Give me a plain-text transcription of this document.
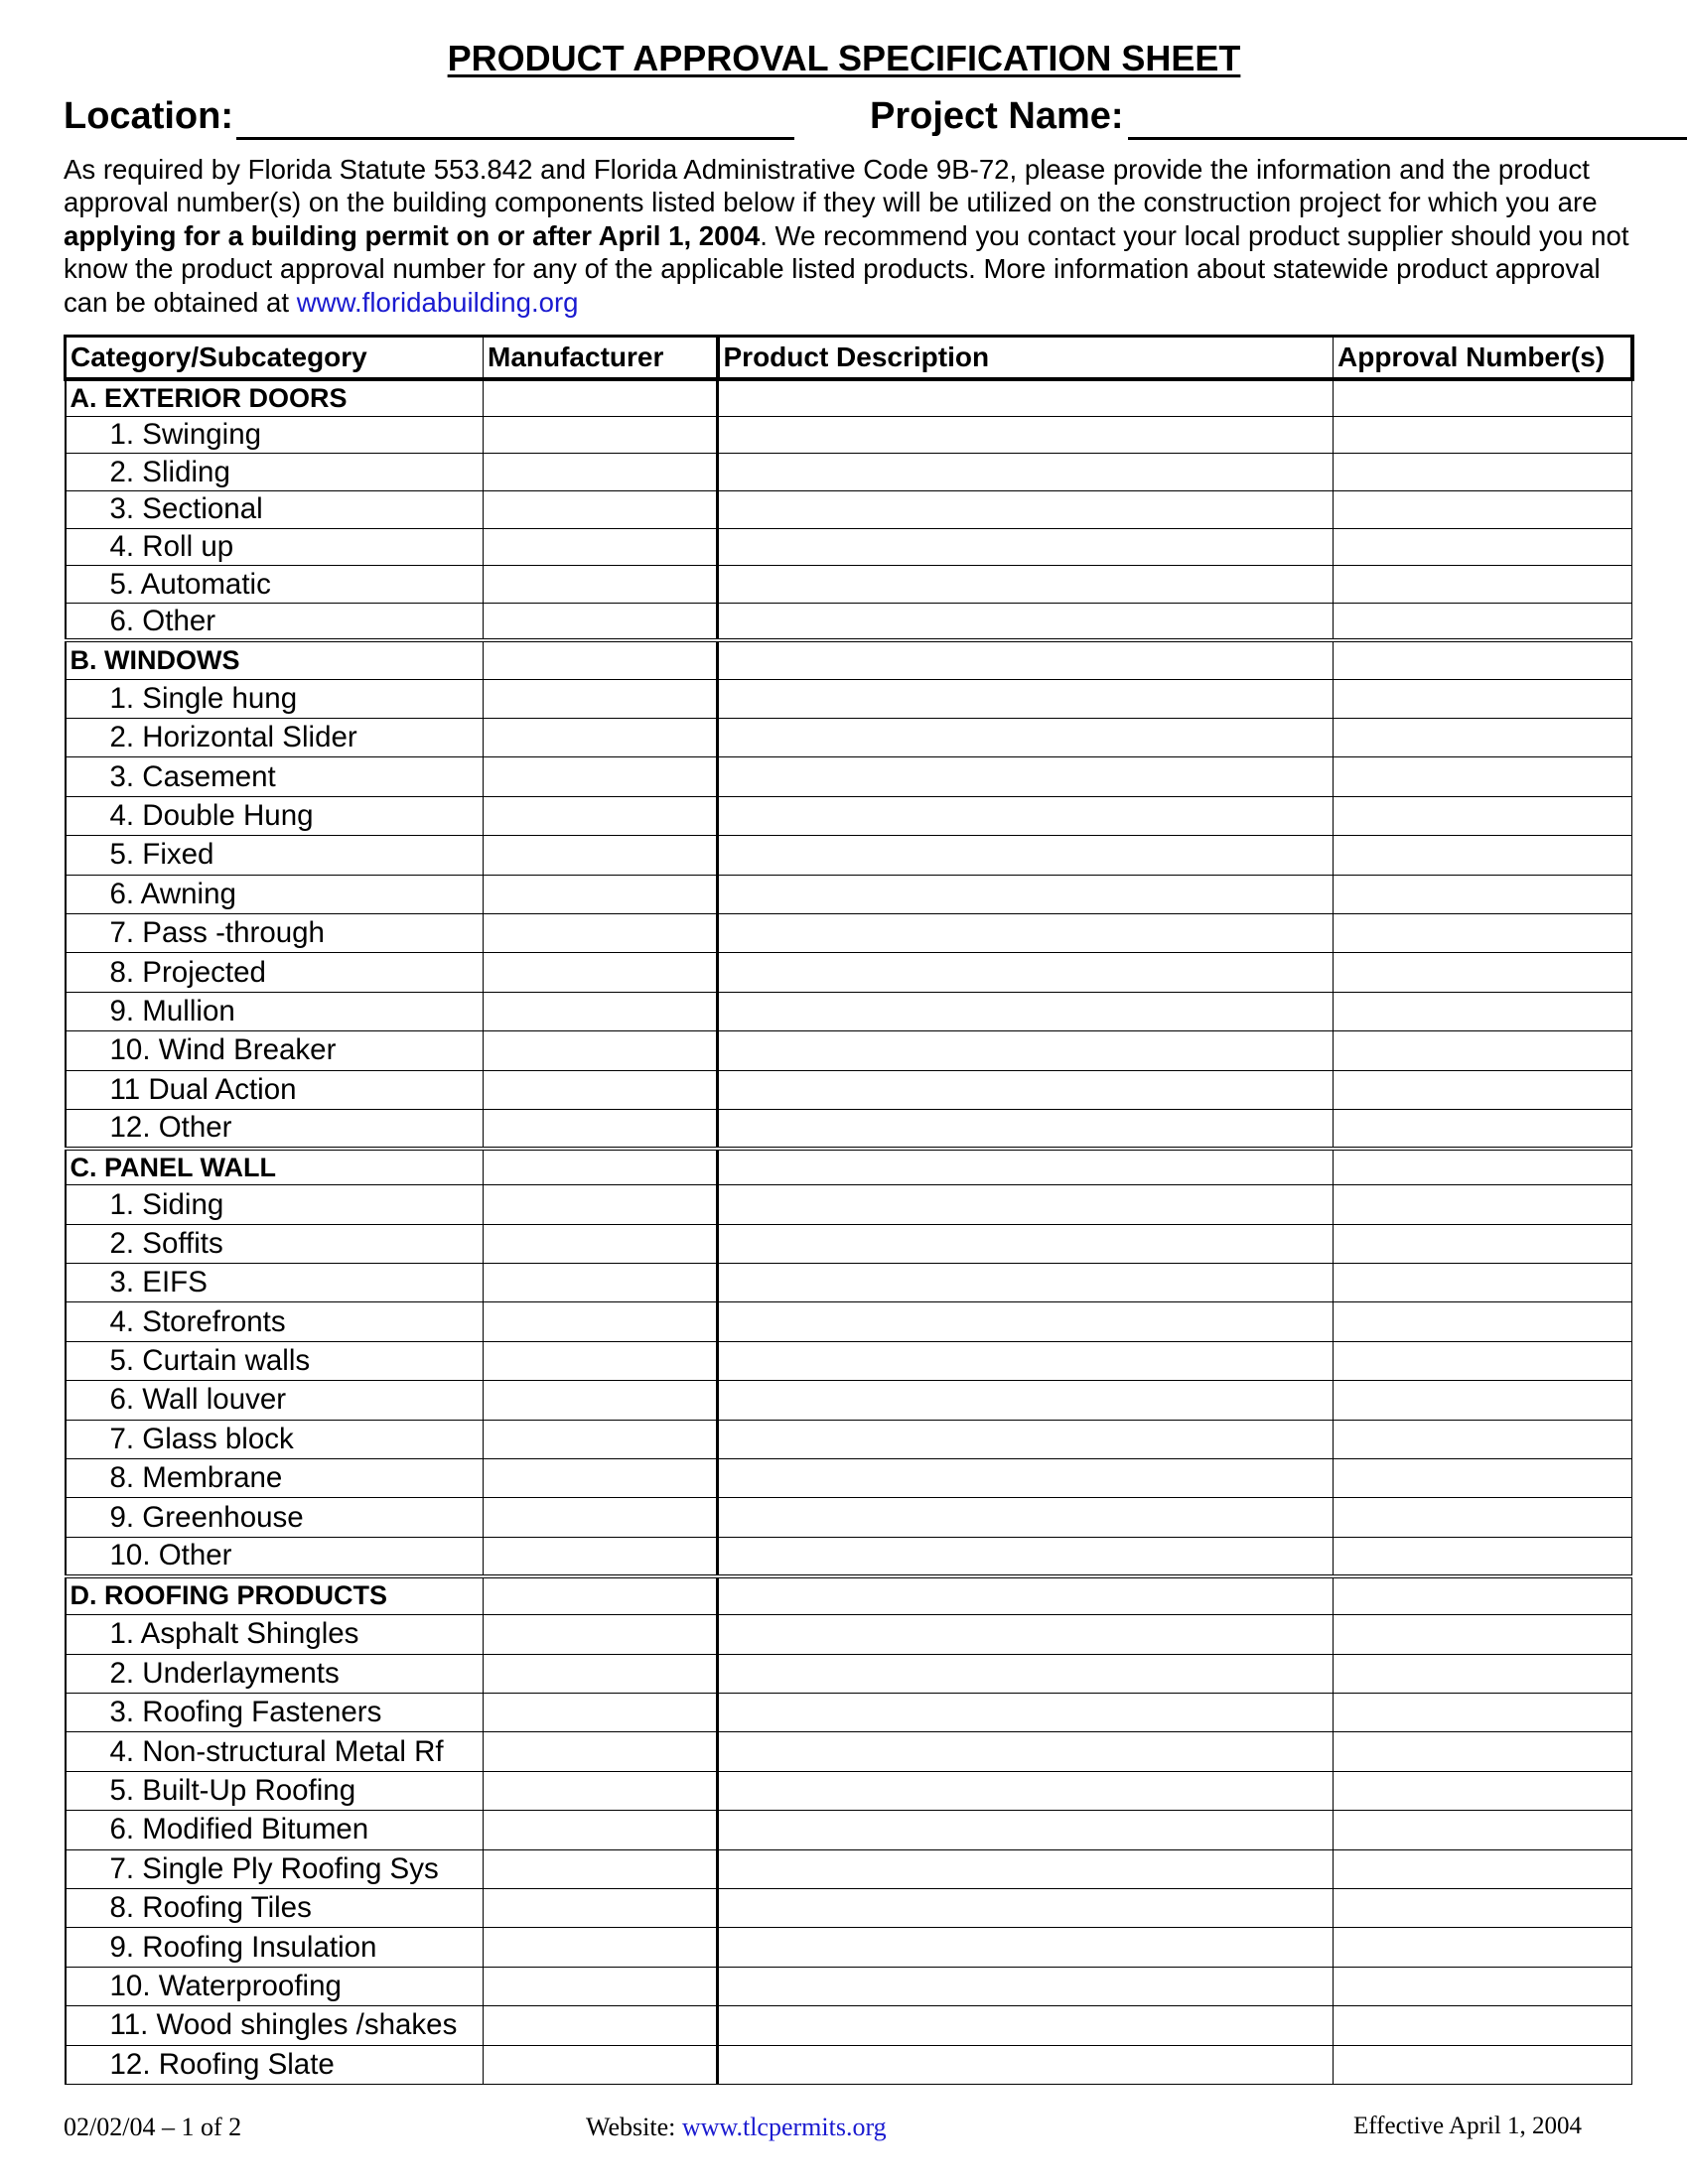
PRODUCT APPROVAL SPECIFICATION SHEET
Location:	Project Name:
As required by Florida Statute 553.842 and Florida Administrative Code 9B-72, please provide the information and the product approval number(s) on the building components listed below if they will be utilized on the construction project for which you are applying for a building permit on or after April 1, 2004. We recommend you contact your local product supplier should you not know the product approval number for any of the applicable listed products. More information about statewide product approval can be obtained at www.floridabuilding.org
Category/Subcategory	Manufacturer	Product Description	Approval Number(s)
A. EXTERIOR DOORS			
1. Swinging			
2. Sliding			
3. Sectional			
4. Roll up			
5. Automatic			
6. Other			
B. WINDOWS			
1. Single hung			
2. Horizontal Slider			
3. Casement			
4. Double Hung			
5. Fixed			
6. Awning			
7. Pass -through			
8. Projected			
9. Mullion			
10. Wind Breaker			
11 Dual Action			
12. Other			
C. PANEL WALL			
1. Siding			
2. Soffits			
3. EIFS			
4. Storefronts			
5. Curtain walls			
6. Wall louver			
7. Glass block			
8. Membrane			
9. Greenhouse			
10. Other			
D. ROOFING PRODUCTS			
1. Asphalt Shingles			
2. Underlayments			
3. Roofing Fasteners			
4. Non-structural Metal Rf			
5. Built-Up Roofing			
6. Modified Bitumen			
7. Single Ply Roofing Sys			
8. Roofing Tiles			
9. Roofing Insulation			
10. Waterproofing			
11. Wood shingles /shakes			
12. Roofing Slate			
02/02/04 – 1 of 2	Website: www.tlcpermits.org	Effective April 1, 2004
